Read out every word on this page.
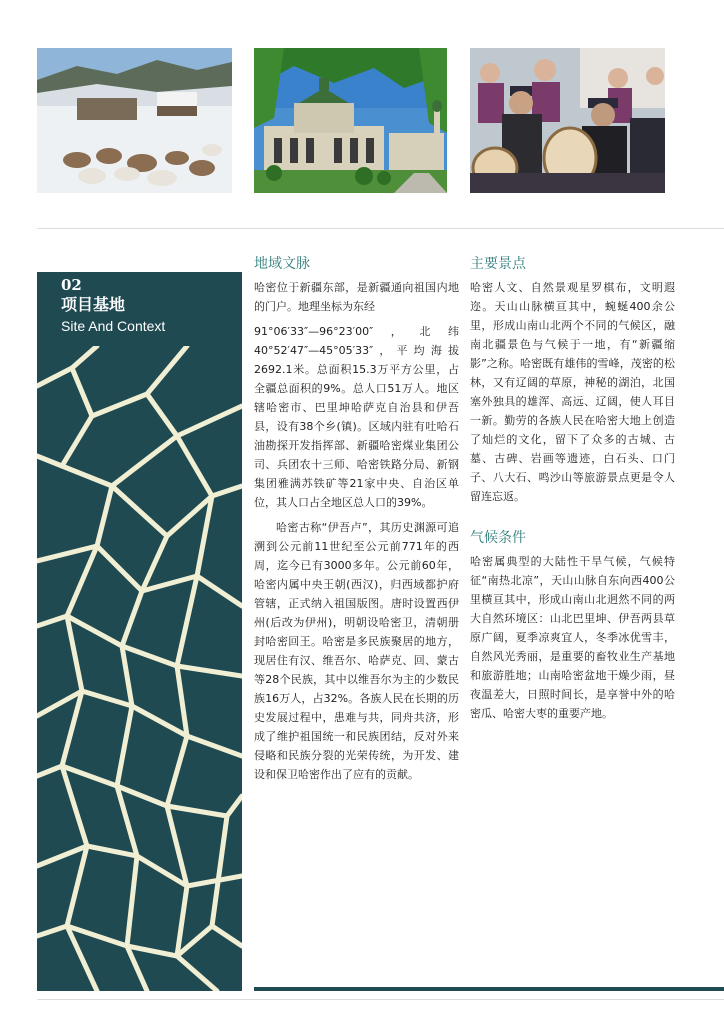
02
项目基地
Site And Context
地域文脉

哈密位于新疆东部，是新疆通向祖国内地的门户。地理坐标为东经

91°06′33″—96°23′00″，北纬40°52′47″—45°05′33″，平均海拔2692.1米。总面积15.3万平方公里，占全疆总面积的9%。总人口51万人。地区辖哈密市、巴里坤哈萨克自治县和伊吾县，设有38个乡(镇)。区域内驻有吐哈石油勘探开发指挥部、新疆哈密煤业集团公司、兵团农十三师、哈密铁路分局、新钢集团雅满苏铁矿等21家中央、自治区单位，其人口占全地区总人口的39%。

哈密古称“伊吾卢”，其历史渊源可追溯到公元前11世纪至公元前771年的西周，迄今已有3000多年。公元前60年，哈密内属中央王朝(西汉)，归西域都护府管辖，正式纳入祖国版图。唐时设置西伊州(后改为伊州)，明朝设哈密卫，清朝册封哈密回王。哈密是多民族聚居的地方，现居住有汉、维吾尔、哈萨克、回、蒙古等28个民族，其中以维吾尔为主的少数民族16万人，占32%。各族人民在长期的历史发展过程中，患难与共，同舟共济，形成了维护祖国统一和民族团结，反对外来侵略和民族分裂的光荣传统，为开发、建设和保卫哈密作出了应有的贡献。

主要景点

哈密人文、自然景观星罗棋布，文明遐迩。天山山脉横亘其中，蜿蜒400余公里，形成山南山北两个不同的气候区，融南北疆景色与气候于一地，有“新疆缩影”之称。哈密既有雄伟的雪峰，茂密的松林，又有辽阔的草原，神秘的湖泊，北国塞外独具的雄浑、高远、辽阔，使人耳目一新。勤劳的各族人民在哈密大地上创造了灿烂的文化，留下了众多的古城、古墓、古碑、岩画等遗迹，白石头、口门子、八大石、鸣沙山等旅游景点更是令人留连忘返。

气候条件

哈密属典型的大陆性干旱气候，气候特征“南热北凉”，天山山脉自东向西400公里横亘其中，形成山南山北迥然不同的两大自然环境区：山北巴里坤、伊吾两县草原广阔，夏季凉爽宜人，冬季冰优雪丰，自然风光秀丽，是重要的畜牧业生产基地和旅游胜地；山南哈密盆地干燥少雨，昼夜温差大，日照时间长，是享誉中外的哈密瓜、哈密大枣的重要产地。
